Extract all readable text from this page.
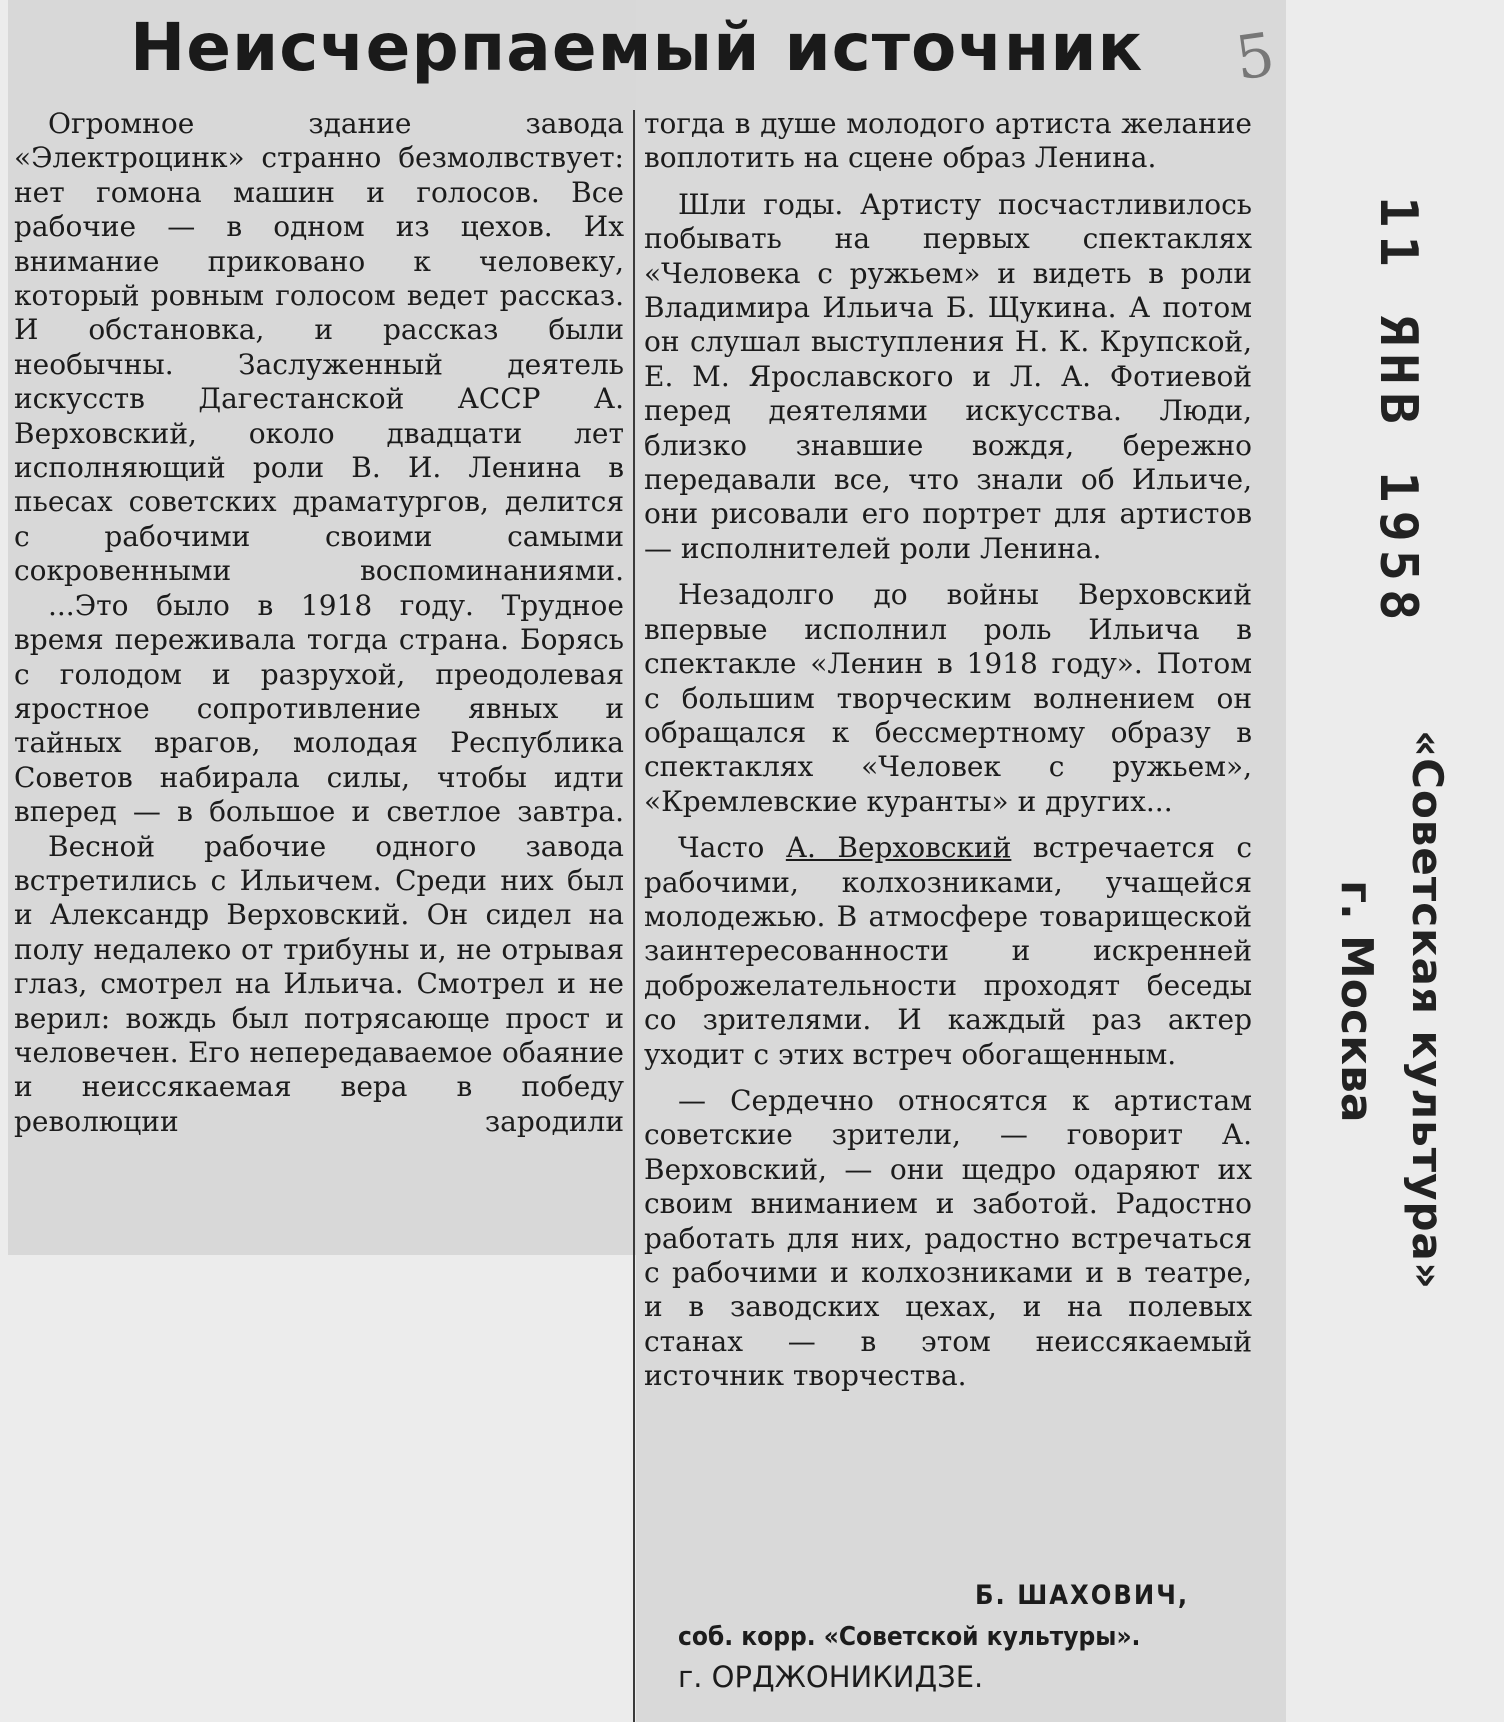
Неисчерпаемый источник 5
Огромное здание завода «Электроцинк» странно безмолвствует: нет гомона машин и голосов. Все рабочие — в одном из цехов. Их внимание приковано к человеку, который ровным голосом ведет рассказ. И обстановка, и рассказ были необычны. Заслуженный деятель искусств Дагестанской АССР А. Верховский, около двадцати лет исполняющий роли В. И. Ленина в пьесах советских драматургов, делится с рабочими своими самыми сокровенными воспоминаниями.
...Это было в 1918 году. Трудное время переживала тогда страна. Борясь с голодом и разрухой, преодолевая яростное сопротивление явных и тайных врагов, молодая Республика Советов набирала силы, чтобы идти вперед — в большое и светлое завтра.
Весной рабочие одного завода встретились с Ильичем. Среди них был и Александр Верховский. Он сидел на полу недалеко от трибуны и, не отрывая глаз, смотрел на Ильича. Смотрел и не верил: вождь был потрясающе прост и человечен. Его непередаваемое обаяние и неиссякаемая вера в победу революции зародили
тогда в душе молодого артиста желание воплотить на сцене образ Ленина.
Шли годы. Артисту посчастливилось побывать на первых спектаклях «Человека с ружьем» и видеть в роли Владимира Ильича Б. Щукина. А потом он слушал выступления Н. К. Крупской, Е. М. Ярославского и Л. А. Фотиевой перед деятелями искусства. Люди, близко знавшие вождя, бережно передавали все, что знали об Ильиче, они рисовали его портрет для артистов — исполнителей роли Ленина.
Незадолго до войны Верховский впервые исполнил роль Ильича в спектакле «Ленин в 1918 году». Потом с большим творческим волнением он обращался к бессмертному образу в спектаклях «Человек с ружьем», «Кремлевские куранты» и других...
Часто А. Верховский встречается с рабочими, колхозниками, учащейся молодежью. В атмосфере товарищеской заинтересованности и искренней доброжелательности проходят беседы со зрителями. И каждый раз актер уходит с этих встреч обогащенным.
— Сердечно относятся к артистам советские зрители, — говорит А. Верховский, — они щедро одаряют их своим вниманием и заботой. Радостно работать для них, радостно встречаться с рабочими и колхозниками и в театре, и в заводских цехах, и на полевых станах — в этом неиссякаемый источник творчества.
Б. ШАХОВИЧ,
соб. корр. «Советской культуры».
г. ОРДЖОНИКИДЗЕ.
11 ЯНВ 1958
«Советская культура»
г. Москва
